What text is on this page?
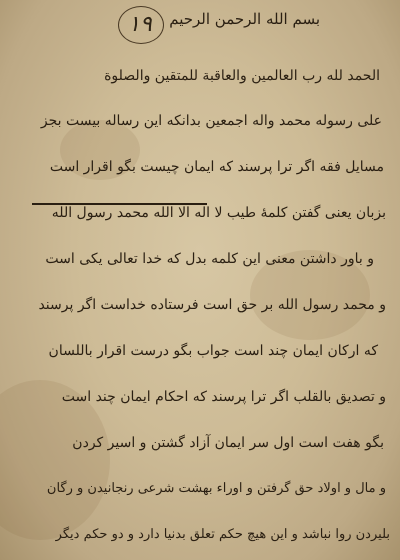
١٩	بسم الله الرحمن الرحیم
الحمد لله رب العالمین والعاقبة للمتقین والصلوة
علی رسوله محمد واله اجمعین بدانکه این رساله بیست بجز
مسایل فقه اگر ترا پرسند که ایمان چیست بگو اقرار است
بزبان یعنی گفتن کلمهٔ طیب لا اله الا الله محمد رسول الله
و باور داشتن معنی این کلمه بدل که خدا تعالی یکی است
و محمد رسول الله بر حق است فرستاده خداست اگر پرسند
که ارکان ایمان چند است جواب بگو درست اقرار باللسان
و تصدیق بالقلب اگر ترا پرسند که احکام ایمان چند است
بگو هفت است اول سر ایمان آزاد گشتن و اسیر کردن
و مال و اولاد حق گرفتن و اوراء بهشت شرعی رنجانیدن و رگان
بلیردن روا نباشد و این هیچ حکم تعلق بدنیا دارد و دو حکم دیگر
